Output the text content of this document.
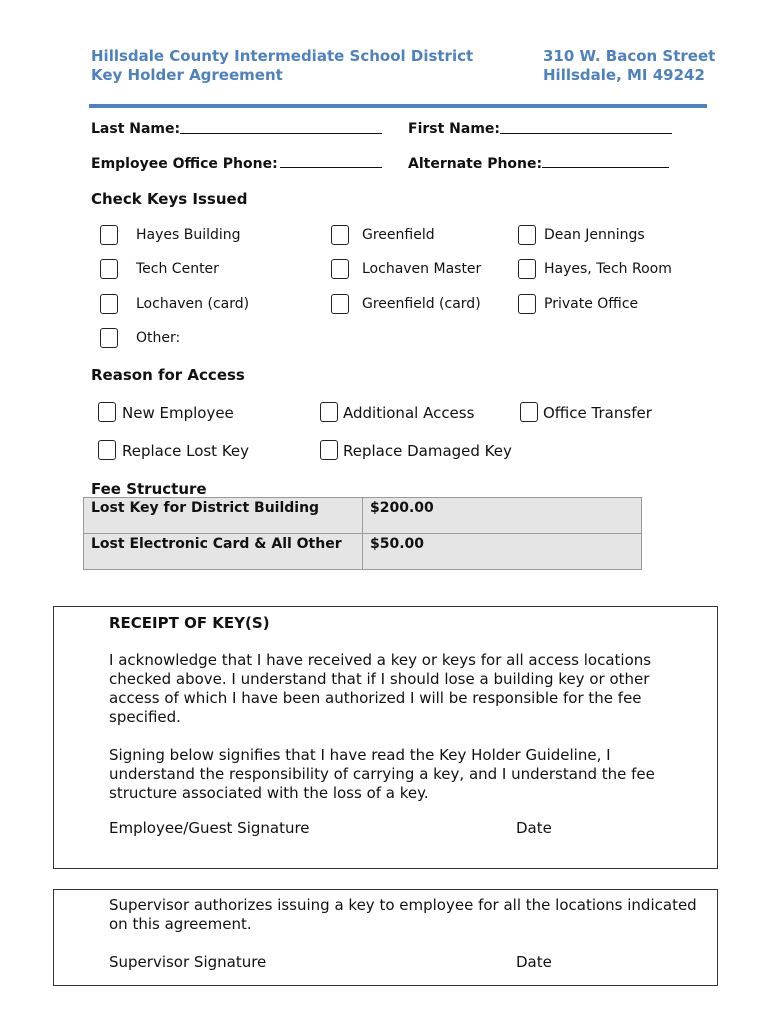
Hillsdale County Intermediate School District
Key Holder Agreement
310 W. Bacon Street
Hillsdale, MI 49242
Last Name:	First Name:
Employee Office Phone:	Alternate Phone:
Check Keys Issued
Hayes Building	Greenfield	Dean Jennings
Tech Center	Lochaven Master	Hayes, Tech Room
Lochaven (card)	Greenfield (card)	Private Office
Other:
Reason for Access
New Employee	Additional Access	Office Transfer
Replace Lost Key	Replace Damaged Key
Fee Structure
Lost Key for District Building	$200.00
Lost Electronic Card & All Other	$50.00
RECEIPT OF KEY(S)
I acknowledge that I have received a key or keys for all access locations checked above. I understand that if I should lose a building key or other access of which I have been authorized I will be responsible for the fee specified.
Signing below signifies that I have read the Key Holder Guideline, I understand the responsibility of carrying a key, and I understand the fee structure associated with the loss of a key.
Employee/Guest Signature	Date
Supervisor authorizes issuing a key to employee for all the locations indicated on this agreement.
Supervisor Signature	Date
